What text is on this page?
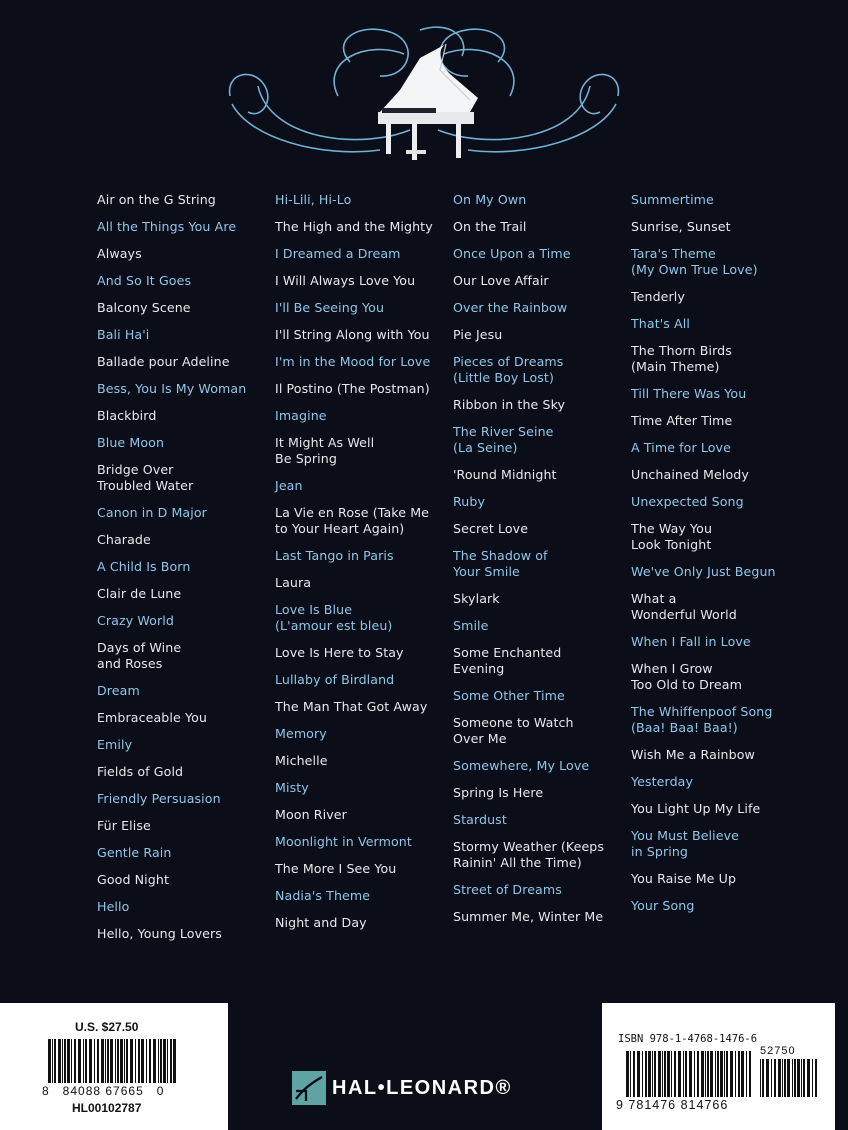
Air on the G String
All the Things You Are
Always
And So It Goes
Balcony Scene
Bali Ha'i
Ballade pour Adeline
Bess, You Is My Woman
Blackbird
Blue Moon
Bridge Over
Troubled Water
Canon in D Major
Charade
A Child Is Born
Clair de Lune
Crazy World
Days of Wine
and Roses
Dream
Embraceable You
Emily
Fields of Gold
Friendly Persuasion
Für Elise
Gentle Rain
Good Night
Hello
Hello, Young Lovers
Hi-Lili, Hi-Lo
The High and the Mighty
I Dreamed a Dream
I Will Always Love You
I'll Be Seeing You
I'll String Along with You
I'm in the Mood for Love
Il Postino (The Postman)
Imagine
It Might As Well
Be Spring
Jean
La Vie en Rose (Take Me
to Your Heart Again)
Last Tango in Paris
Laura
Love Is Blue
(L'amour est bleu)
Love Is Here to Stay
Lullaby of Birdland
The Man That Got Away
Memory
Michelle
Misty
Moon River
Moonlight in Vermont
The More I See You
Nadia's Theme
Night and Day
On My Own
On the Trail
Once Upon a Time
Our Love Affair
Over the Rainbow
Pie Jesu
Pieces of Dreams
(Little Boy Lost)
Ribbon in the Sky
The River Seine
(La Seine)
'Round Midnight
Ruby
Secret Love
The Shadow of
Your Smile
Skylark
Smile
Some Enchanted
Evening
Some Other Time
Someone to Watch
Over Me
Somewhere, My Love
Spring Is Here
Stardust
Stormy Weather (Keeps
Rainin' All the Time)
Street of Dreams
Summer Me, Winter Me
Summertime
Sunrise, Sunset
Tara's Theme
(My Own True Love)
Tenderly
That's All
The Thorn Birds
(Main Theme)
Till There Was You
Time After Time
A Time for Love
Unchained Melody
Unexpected Song
The Way You
Look Tonight
We've Only Just Begun
What a
Wonderful World
When I Fall in Love
When I Grow
Too Old to Dream
The Whiffenpoof Song
(Baa! Baa! Baa!)
Wish Me a Rainbow
Yesterday
You Light Up My Life
You Must Believe
in Spring
You Raise Me Up
Your Song
U.S. $27.50
8   84088 67665   0
HL00102787
HAL•LEONARD®
ISBN 978-1-4768-1476-6
52750
9 781476 814766
